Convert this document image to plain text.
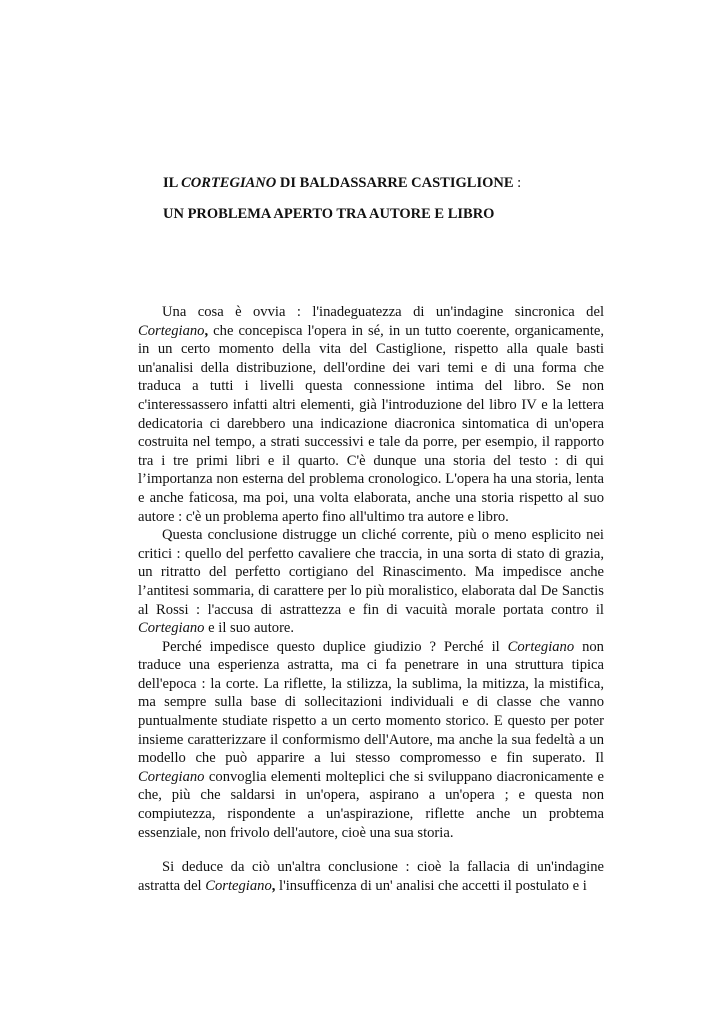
IL CORTEGIANO DI BALDASSARRE CASTIGLIONE :
UN PROBLEMA APERTO TRA AUTORE E LIBRO

Una cosa è ovvia : l'inadeguatezza di un'indagine sincronica del Cortegiano, che concepisca l'opera in sé, in un tutto coerente, organicamente, in un certo momento della vita del Castiglione, rispetto alla quale basti un'analisi della distribuzione, dell'ordine dei vari temi e di una forma che traduca a tutti i livelli questa connessione intima del libro. Se non c'interessassero infatti altri elementi, già l'introduzione del libro IV e la lettera dedicatoria ci darebbero una indicazione diacronica sintomatica di un'opera costruita nel tempo, a strati successivi e tale da porre, per esempio, il rapporto tra i tre primi libri e il quarto. C'è dunque una storia del testo : di qui l’importanza non esterna del problema cronologico. L'opera ha una storia, lenta e anche faticosa, ma poi, una volta elaborata, anche una storia rispetto al suo autore : c'è un problema aperto fino all'ultimo tra autore e libro.

Questa conclusione distrugge un cliché corrente, più o meno esplicito nei critici : quello del perfetto cavaliere che traccia, in una sorta di stato di grazia, un ritratto del perfetto cortigiano del Rinascimento. Ma impedisce anche l’antitesi sommaria, di carattere per lo più moralistico, elaborata dal De Sanctis al Rossi : l'accusa di astrattezza e fin di vacuità morale portata contro il Cortegiano e il suo autore.

Perché impedisce questo duplice giudizio ? Perché il Cortegiano non traduce una esperienza astratta, ma ci fa penetrare in una struttura tipica dell'epoca : la corte. La riflette, la stilizza, la sublima, la mitizza, la mistifica, ma sempre sulla base di sollecitazioni individuali e di classe che vanno puntualmente studiate rispetto a un certo momento storico. E questo per poter insieme caratterizzare il conformismo dell'Autore, ma anche la sua fedeltà a un modello che può apparire a lui stesso compromesso e fin superato. Il Cortegiano convoglia elementi molteplici che si sviluppano diacronicamente e che, più che saldarsi in un'opera, aspirano a un'opera ; e questa non compiutezza, rispondente a un'aspirazione, riflette anche un probtema essenziale, non frivolo dell'autore, cioè una sua storia.

Si deduce da ciò un'altra conclusione : cioè la fallacia di un'indagine astratta del Cortegiano, l'insufficenza di un' analisi che accetti il postulato e i
